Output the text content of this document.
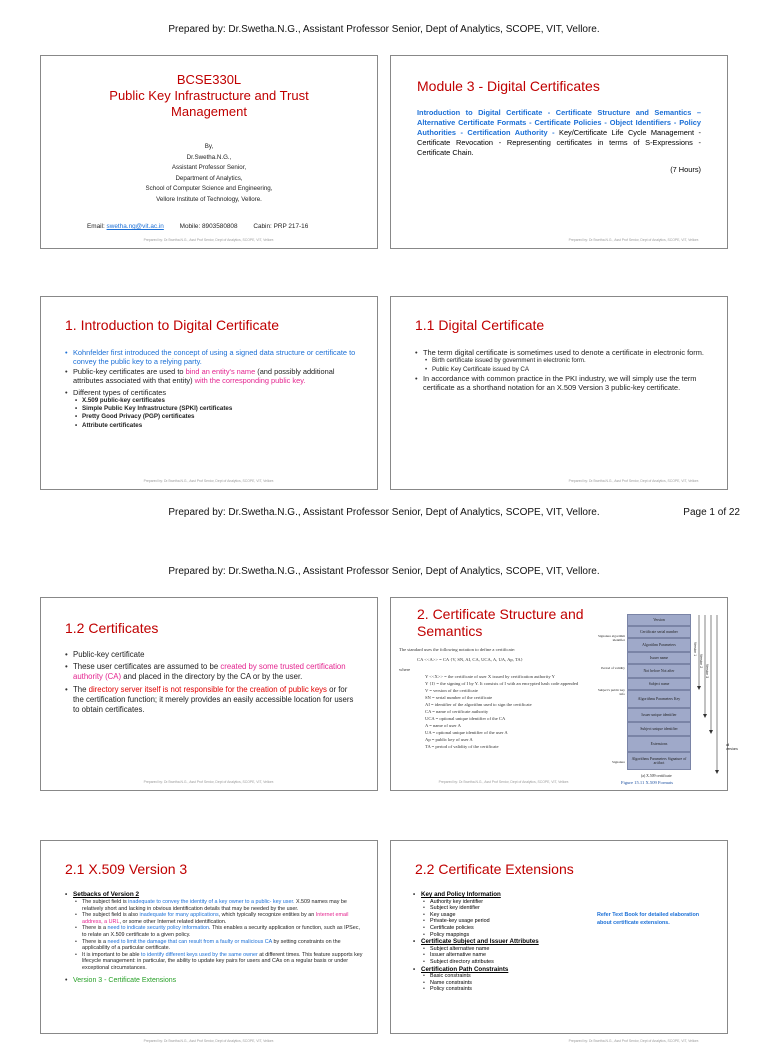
Prepared by: Dr.Swetha.N.G., Assistant Professor Senior, Dept of Analytics, SCOPE, VIT, Vellore.
Prepared by: Dr.Swetha.N.G., Assistant Professor Senior, Dept of Analytics, SCOPE, VIT, Vellore.	Page 1 of 22
Prepared by: Dr.Swetha.N.G., Assistant Professor Senior, Dept of Analytics, SCOPE, VIT, Vellore.
BCSE330L
Public Key Infrastructure and Trust Management
By,
Dr.Swetha.N.G.,
Assistant Professor Senior,
Department of Analytics,
School of Computer Science and Engineering,
Vellore Institute of Technology, Vellore.
Email: swetha.ng@vit.ac.in Mobile: 8903580808 Cabin: PRP 217-16
Prepared by: Dr.Swetha.N.G., Asst Prof Senior, Dept of Analytics, SCOPE, VIT, Vellore.
Module 3 - Digital Certificates
Introduction to Digital Certificate - Certificate Structure and Semantics – Alternative Certificate Formats - Certificate Policies - Object Identifiers - Policy Authorities - Certification Authority - Key/Certificate Life Cycle Management - Certificate Revocation - Representing certificates in terms of S-Expressions - Certificate Chain.
(7 Hours)
Prepared by: Dr.Swetha.N.G., Asst Prof Senior, Dept of Analytics, SCOPE, VIT, Vellore.
1. Introduction to Digital Certificate
• Kohnfelder first introduced the concept of using a signed data structure or certificate to convey the public key to a relying party.
• Public-key certificates are used to bind an entity's name (and possibly additional attributes associated with that entity) with the corresponding public key.
• Different types of certificates
• X.509 public-key certificates
• Simple Public Key Infrastructure (SPKI) certificates
• Pretty Good Privacy (PGP) certificates
• Attribute certificates
Prepared by: Dr.Swetha.N.G., Asst Prof Senior, Dept of Analytics, SCOPE, VIT, Vellore.
1.1 Digital Certificate
• The term digital certificate is sometimes used to denote a certificate in electronic form.
• Birth certificate issued by government in electronic form.
• Public Key Certificate issued by CA
• In accordance with common practice in the PKI industry, we will simply use the term certificate as a shorthand notation for an X.509 Version 3 public-key certificate.
Prepared by: Dr.Swetha.N.G., Asst Prof Senior, Dept of Analytics, SCOPE, VIT, Vellore.
1.2 Certificates
• Public-key certificate
• These user certificates are assumed to be created by some trusted certification authority (CA) and placed in the directory by the CA or by the user.
• The directory server itself is not responsible for the creation of public keys or for the certification function; it merely provides an easily accessible location for users to obtain certificates.
Prepared by: Dr.Swetha.N.G., Asst Prof Senior, Dept of Analytics, SCOPE, VIT, Vellore.
2. Certificate Structure and Semantics
The standard uses the following notation to define a certificate:
CA <<A>> = CA {V, SN, AI, CA, UCA, A, UA, Ap, TA}
where
Y <<X>> = the certificate of user X issued by certification authority Y
Y {I} = the signing of I by Y. It consists of I with an encrypted hash code appended
V = version of the certificate
SN = serial number of the certificate
AI = identifier of the algorithm used to sign the certificate
CA = name of certificate authority
UCA = optional unique identifier of the CA
A = name of user A
UA = optional unique identifier of the user A
Ap = public key of user A
TA = period of validity of the certificate
Version
Certificate serial number
Algorithm Parameters
Issuer name
Not before Not after
Subject name
Algorithms Parameters Key
Issuer unique identifier
Subject unique identifier
Extensions
Algorithms Parameters Signature of artifact
Signature algorithm identifier
Period of validity
Subject's public key info
Signature
Version 1
Version 2
Version 3
all versions
(a) X.509 certificate
Figure 15.11 X.509 Formats
Prepared by: Dr.Swetha.N.G., Asst Prof Senior, Dept of Analytics, SCOPE, VIT, Vellore.
2.1 X.509 Version 3
• Setbacks of Version 2
• The subject field is inadequate to convey the identity of a key owner to a public- key user. X.509 names may be relatively short and lacking in obvious identification details that may be needed by the user.
• The subject field is also inadequate for many applications, which typically recognize entities by an Internet email address, a URL, or some other Internet related identification.
• There is a need to indicate security policy information. This enables a security application or function, such as IPSec, to relate an X.509 certificate to a given policy.
• There is a need to limit the damage that can result from a faulty or malicious CA by setting constraints on the applicability of a particular certificate.
• It is important to be able to identify different keys used by the same owner at different times. This feature supports key lifecycle management: in particular, the ability to update key pairs for users and CAs on a regular basis or under exceptional circumstances.
• Version 3 - Certificate Extensions
Prepared by: Dr.Swetha.N.G., Asst Prof Senior, Dept of Analytics, SCOPE, VIT, Vellore.
2.2 Certificate Extensions
• Key and Policy Information
• Authority key identifier
• Subject key identifier
• Key usage
• Private-key usage period
• Certificate policies
• Policy mappings
• Certificate Subject and Issuer Attributes
• Subject alternative name
• Issuer alternative name
• Subject directory attributes
• Certification Path Constraints
• Basic constraints
• Name constraints
• Policy constraints
Refer Text Book for detailed elaboration about certificate extensions.
Prepared by: Dr.Swetha.N.G., Asst Prof Senior, Dept of Analytics, SCOPE, VIT, Vellore.
